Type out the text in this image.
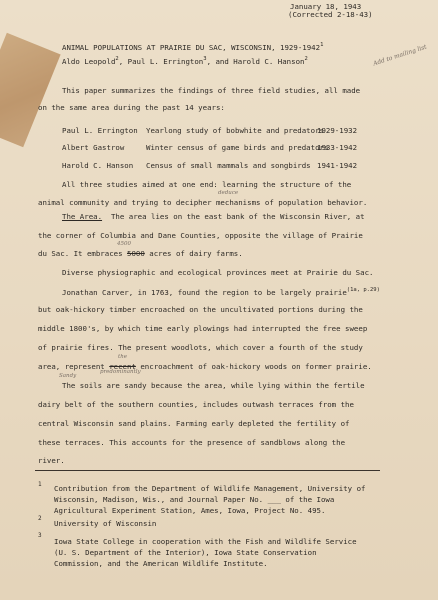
January 18, 1943
(Corrected 2-18-43)
Add to mailing list
ANIMAL POPULATIONS AT PRAIRIE DU SAC, WISCONSIN, 1929-1942$^1$
Aldo Leopold$^2$, Paul L. Errington$^3$, and Harold C. Hanson$^2$
This paper summarizes the findings of three field studies, all made
on the same area during the past 14 years:
Paul L. Errington Yearlong study of bobwhite and predators
1929-1932
Albert Gastrow	Winter census of game birds and predators
1933-1942
Harold C. Hanson Census of small mammals and songbirds 1941-1942
All three studies aimed at one end: learning the structure of the
deduce
animal community and trying to decipher mechanisms of population behavior.
The Area. The area lies on the east bank of the Wisconsin River, at
the corner of Columbia and Dane Counties, opposite the village of Prairie
4500
du Sac. It embraces 5000 acres of dairy farms.
Diverse physiographic and ecological provinces meet at Prairie du Sac.
Jonathan Carver, in 1763, found the region to be largely prairie$^{(1a, p.29)}$
but oak-hickory timber encroached on the uncultivated portions during the
middle 1800's, by which time early plowings had interrupted the free sweep
of prairie fires. The present woodlots, which cover a fourth of the study
the
area, represent recent encroachment of oak-hickory woods on former prairie.
Sandy
predominantly
The soils are sandy because the area, while lying within the fertile
dairy belt of the southern counties, includes outwash terraces from the
central Wisconsin sand plains. Farming early depleted the fertility of
these terraces. This accounts for the presence of sandblows along the
river.
1 Contribution from the Department of Wildlife Management, University of
Wisconsin, Madison, Wis., and Journal Paper No. ___ of the Iowa
Agricultural Experiment Station, Ames, Iowa, Project No. 495.
2
University of Wisconsin
3
Iowa State College in cooperation with the Fish and Wildlife Service
(U. S. Department of the Interior), Iowa State Conservation
Commission, and the American Wildlife Institute.
